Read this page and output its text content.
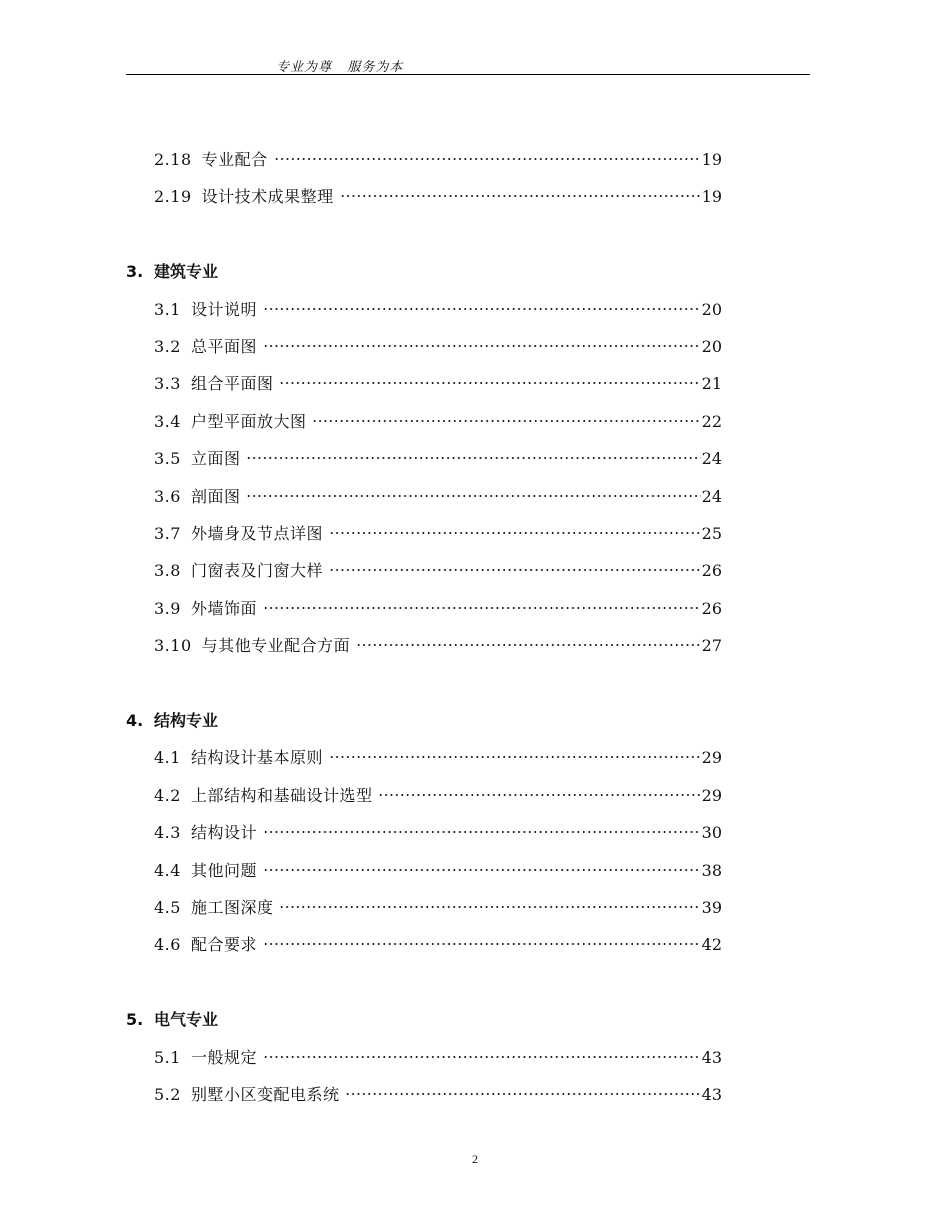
专业为尊   服务为本
2.18 专业配合	19
2.19 设计技术成果整理	19
3. 建筑专业
3.1 设计说明	20
3.2 总平面图	20
3.3 组合平面图	21
3.4 户型平面放大图	22
3.5 立面图	24
3.6 剖面图	24
3.7 外墙身及节点详图	25
3.8 门窗表及门窗大样	26
3.9 外墙饰面	26
3.10 与其他专业配合方面	27
4. 结构专业
4.1 结构设计基本原则	29
4.2 上部结构和基础设计选型	29
4.3 结构设计	30
4.4 其他问题	38
4.5 施工图深度	39
4.6 配合要求	42
5. 电气专业
5.1 一般规定	43
5.2 别墅小区变配电系统	43
2
